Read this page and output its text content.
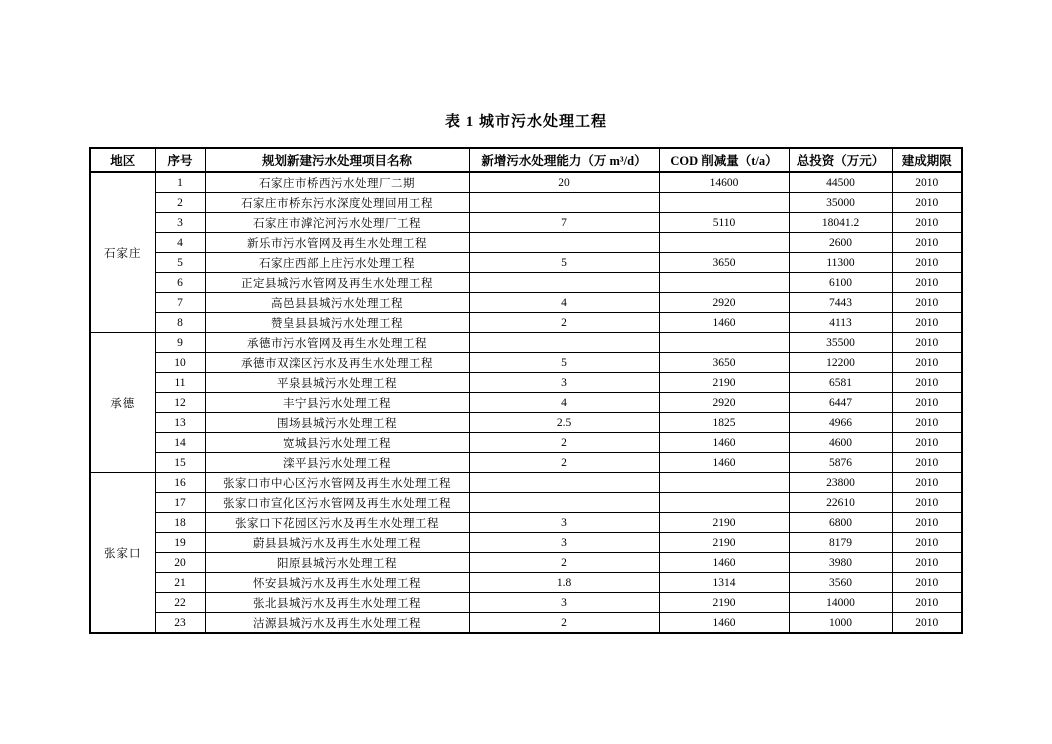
表 1 城市污水处理工程
地区	序号	规划新建污水处理项目名称	新增污水处理能力（万 m³/d）	COD 削减量（t/a）	总投资（万元）	建成期限
石家庄	1	石家庄市桥西污水处理厂二期	20	14600	44500	2010
	2	石家庄市桥东污水深度处理回用工程			35000	2010
	3	石家庄市滹沱河污水处理厂工程	7	5110	18041.2	2010
	4	新乐市污水管网及再生水处理工程			2600	2010
	5	石家庄西部上庄污水处理工程	5	3650	11300	2010
	6	正定县城污水管网及再生水处理工程			6100	2010
	7	高邑县县城污水处理工程	4	2920	7443	2010
	8	赞皇县县城污水处理工程	2	1460	4113	2010
承德	9	承德市污水管网及再生水处理工程			35500	2010
	10	承德市双滦区污水及再生水处理工程	5	3650	12200	2010
	11	平泉县城污水处理工程	3	2190	6581	2010
	12	丰宁县污水处理工程	4	2920	6447	2010
	13	围场县城污水处理工程	2.5	1825	4966	2010
	14	宽城县污水处理工程	2	1460	4600	2010
	15	滦平县污水处理工程	2	1460	5876	2010
张家口	16	张家口市中心区污水管网及再生水处理工程			23800	2010
	17	张家口市宣化区污水管网及再生水处理工程			22610	2010
	18	张家口下花园区污水及再生水处理工程	3	2190	6800	2010
	19	蔚县县城污水及再生水处理工程	3	2190	8179	2010
	20	阳原县城污水处理工程	2	1460	3980	2010
	21	怀安县城污水及再生水处理工程	1.8	1314	3560	2010
	22	张北县城污水及再生水处理工程	3	2190	14000	2010
	23	沽源县城污水及再生水处理工程	2	1460	1000	2010
